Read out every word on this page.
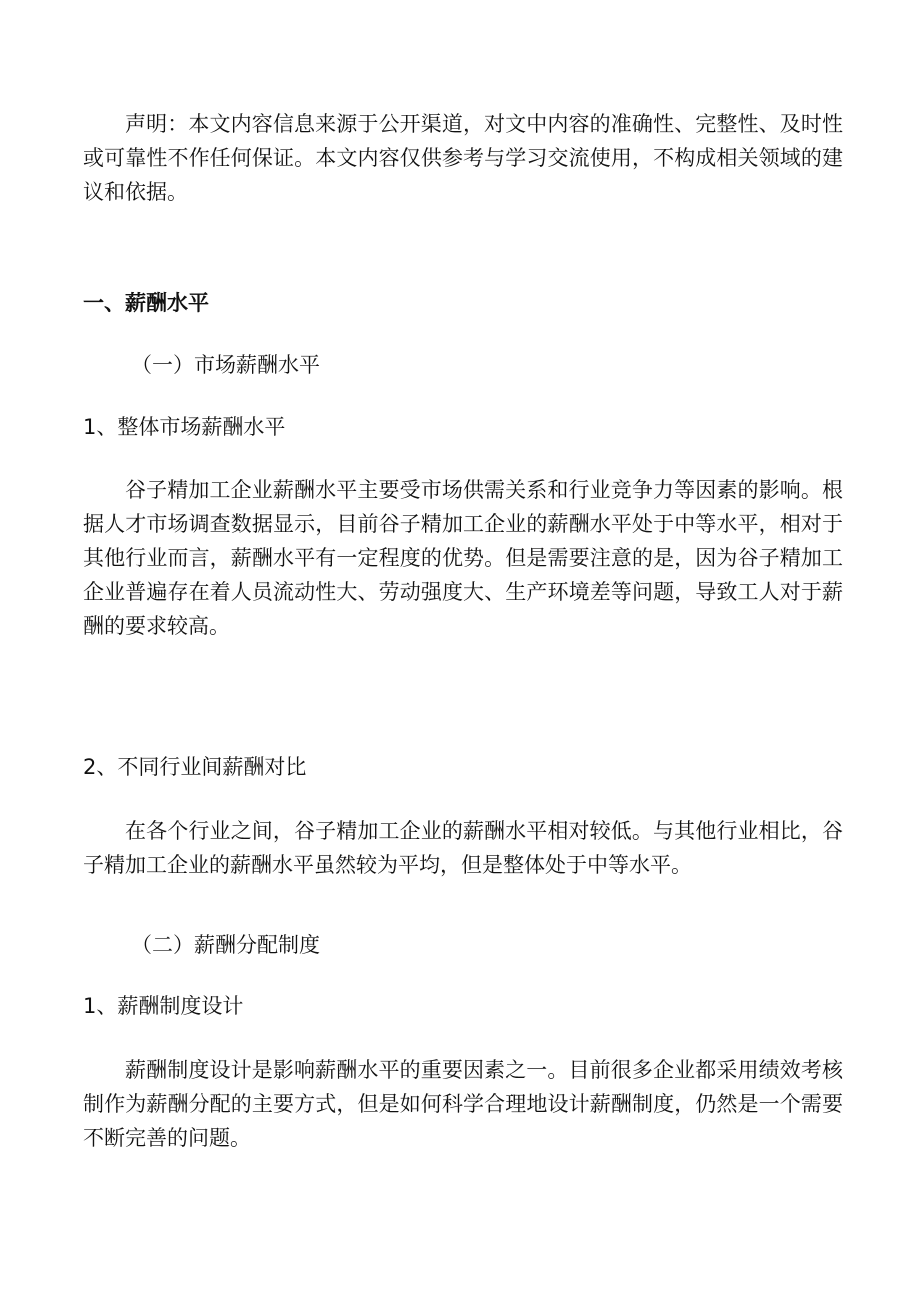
声明：本文内容信息来源于公开渠道，对文中内容的准确性、完整性、及时性或可靠性不作任何保证。本文内容仅供参考与学习交流使用，不构成相关领域的建议和依据。

一、薪酬水平
（一）市场薪酬水平
1、整体市场薪酬水平

谷子精加工企业薪酬水平主要受市场供需关系和行业竞争力等因素的影响。根据人才市场调查数据显示，目前谷子精加工企业的薪酬水平处于中等水平，相对于其他行业而言，薪酬水平有一定程度的优势。但是需要注意的是，因为谷子精加工企业普遍存在着人员流动性大、劳动强度大、生产环境差等问题，导致工人对于薪酬的要求较高。

2、不同行业间薪酬对比

在各个行业之间，谷子精加工企业的薪酬水平相对较低。与其他行业相比，谷子精加工企业的薪酬水平虽然较为平均，但是整体处于中等水平。

（二）薪酬分配制度
1、薪酬制度设计

薪酬制度设计是影响薪酬水平的重要因素之一。目前很多企业都采用绩效考核制作为薪酬分配的主要方式，但是如何科学合理地设计薪酬制度，仍然是一个需要不断完善的问题。
